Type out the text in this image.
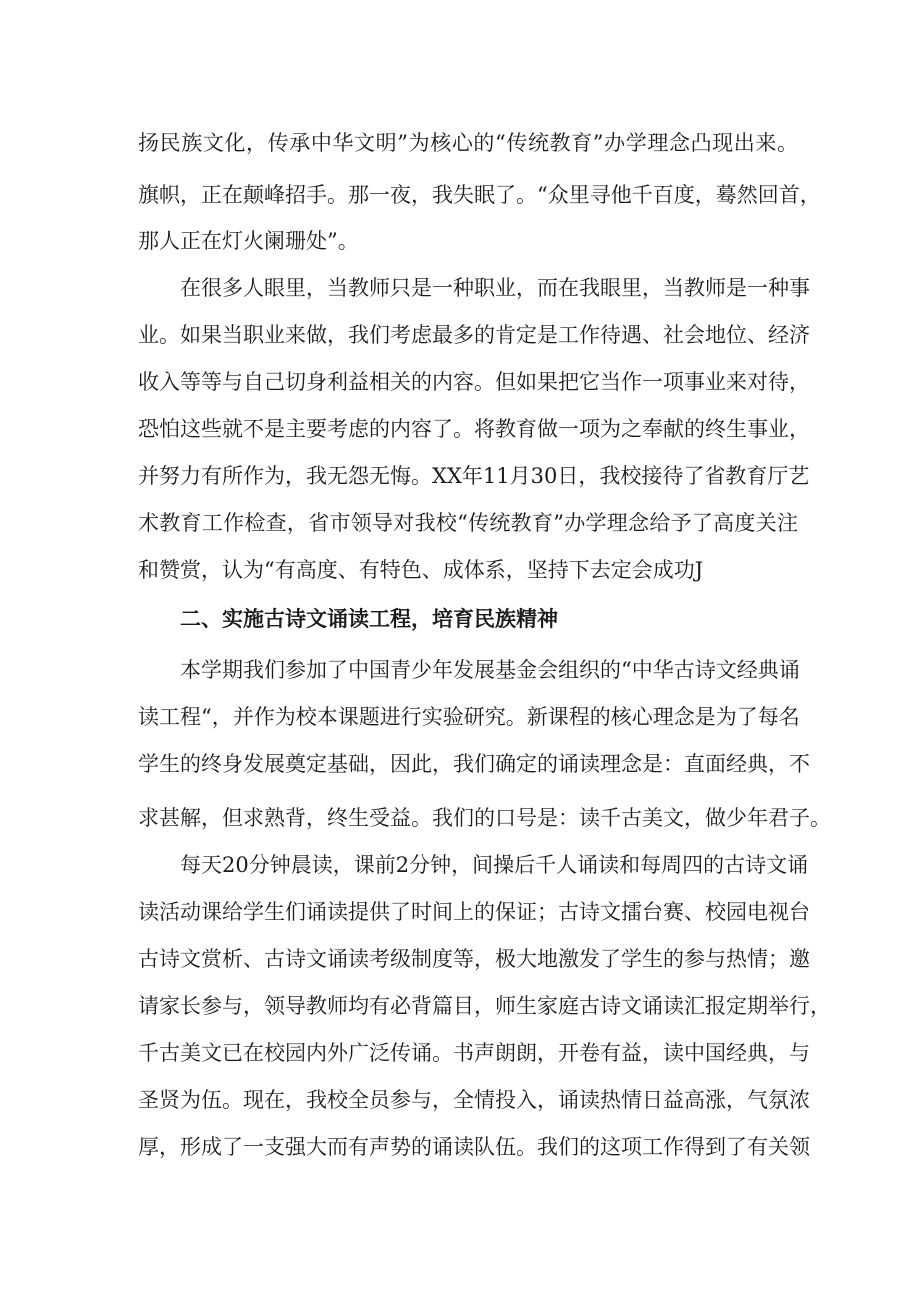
扬民族文化，传承中华文明”为核心的“传统教育”办学理念凸现出来。
旗帜，正在颠峰招手。那一夜，我失眠了。“众里寻他千百度，蓦然回首，
那人正在灯火阑珊处”。
在很多人眼里，当教师只是一种职业，而在我眼里，当教师是一种事
业。如果当职业来做，我们考虑最多的肯定是工作待遇、社会地位、经济
收入等等与自己切身利益相关的内容。但如果把它当作一项事业来对待，
恐怕这些就不是主要考虑的内容了。将教育做一项为之奉献的终生事业，
并努力有所作为，我无怨无悔。XX年11月30日，我校接待了省教育厅艺
术教育工作检查，省市领导对我校“传统教育”办学理念给予了高度关注
和赞赏，认为“有高度、有特色、成体系，坚持下去定会成功J
二、实施古诗文诵读工程，培育民族精神
本学期我们参加了中国青少年发展基金会组织的“中华古诗文经典诵
读工程“，并作为校本课题进行实验研究。新课程的核心理念是为了每名
学生的终身发展奠定基础，因此，我们确定的诵读理念是：直面经典，不
求甚解，但求熟背，终生受益。我们的口号是：读千古美文，做少年君子。
每天20分钟晨读，课前2分钟，间操后千人诵读和每周四的古诗文诵
读活动课给学生们诵读提供了时间上的保证；古诗文擂台赛、校园电视台
古诗文赏析、古诗文诵读考级制度等，极大地激发了学生的参与热情；邀
请家长参与，领导教师均有必背篇目，师生家庭古诗文诵读汇报定期举行，
千古美文已在校园内外广泛传诵。书声朗朗，开卷有益，读中国经典，与
圣贤为伍。现在，我校全员参与，全情投入，诵读热情日益高涨，气氛浓
厚，形成了一支强大而有声势的诵读队伍。我们的这项工作得到了有关领
